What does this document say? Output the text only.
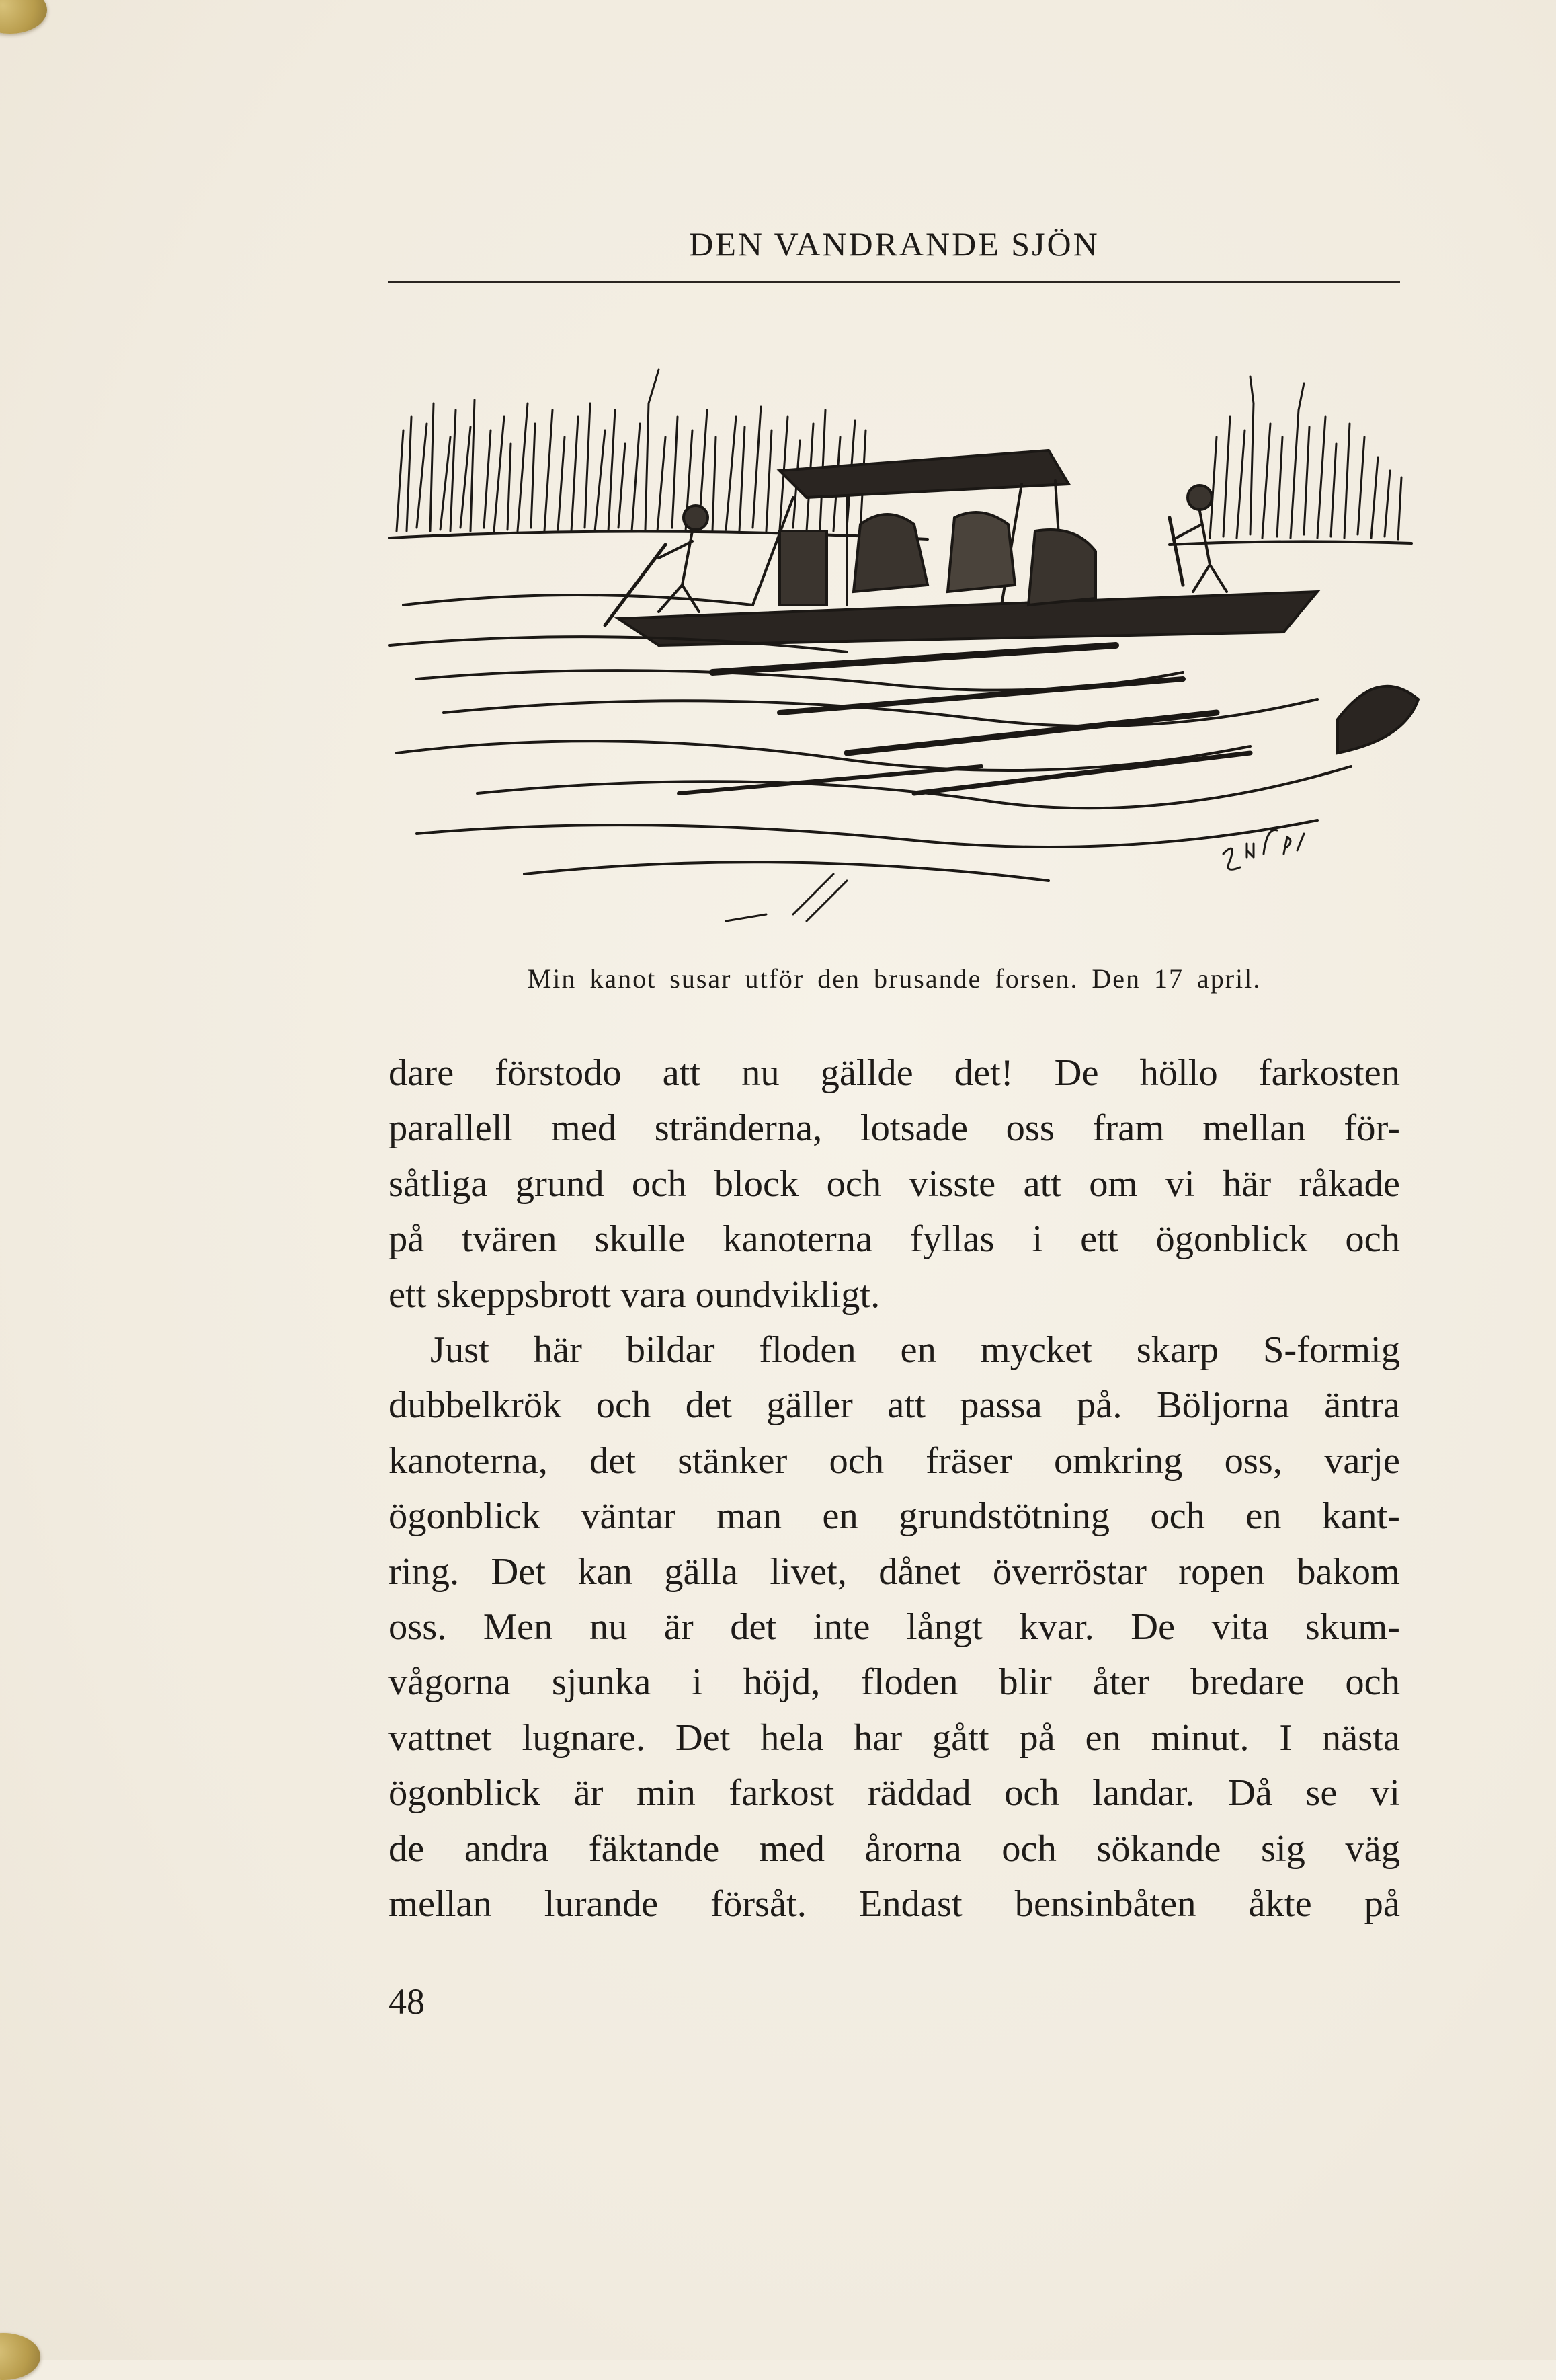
DEN VANDRANDE SJÖN
Min kanot susar utför den brusande forsen. Den 17 april.

dare förstodo att nu gällde det! De höllo farkosten
parallell med stränderna, lotsade oss fram mellan för-
såtliga grund och block och visste att om vi här råkade
på tvären skulle kanoterna fyllas i ett ögonblick och
ett skeppsbrott vara oundvikligt.

Just här bildar floden en mycket skarp S-formig
dubbelkrök och det gäller att passa på. Böljorna äntra
kanoterna, det stänker och fräser omkring oss, varje
ögonblick väntar man en grundstötning och en kant-
ring. Det kan gälla livet, dånet överröstar ropen bakom
oss. Men nu är det inte långt kvar. De vita skum-
vågorna sjunka i höjd, floden blir åter bredare och
vattnet lugnare. Det hela har gått på en minut. I nästa
ögonblick är min farkost räddad och landar. Då se vi
de andra fäktande med årorna och sökande sig väg
mellan lurande försåt. Endast bensinbåten åkte på

48
